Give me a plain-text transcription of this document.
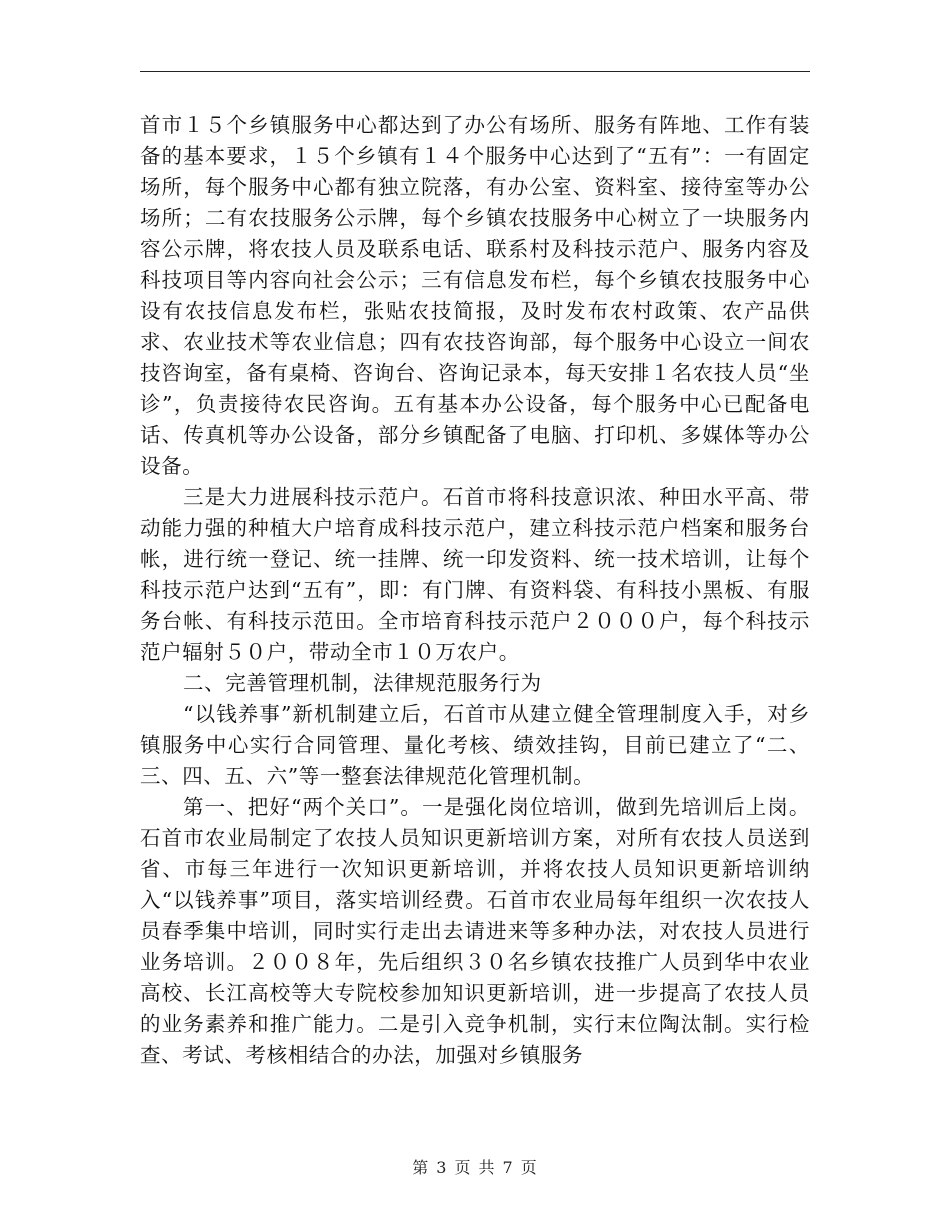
首市１５个乡镇服务中心都达到了办公有场所、服务有阵地、工作有装备的基本要求，１５个乡镇有１４个服务中心达到了“五有”：一有固定场所，每个服务中心都有独立院落，有办公室、资料室、接待室等办公场所；二有农技服务公示牌，每个乡镇农技服务中心树立了一块服务内容公示牌，将农技人员及联系电话、联系村及科技示范户、服务内容及科技项目等内容向社会公示；三有信息发布栏，每个乡镇农技服务中心设有农技信息发布栏，张贴农技简报，及时发布农村政策、农产品供求、农业技术等农业信息；四有农技咨询部，每个服务中心设立一间农技咨询室，备有桌椅、咨询台、咨询记录本，每天安排１名农技人员“坐诊”，负责接待农民咨询。五有基本办公设备，每个服务中心已配备电话、传真机等办公设备，部分乡镇配备了电脑、打印机、多媒体等办公设备。

三是大力进展科技示范户。石首市将科技意识浓、种田水平高、带动能力强的种植大户培育成科技示范户，建立科技示范户档案和服务台帐，进行统一登记、统一挂牌、统一印发资料、统一技术培训，让每个科技示范户达到“五有”，即：有门牌、有资料袋、有科技小黑板、有服务台帐、有科技示范田。全市培育科技示范户２０００户，每个科技示范户辐射５０户，带动全市１０万农户。

二、完善管理机制，法律规范服务行为

“以钱养事”新机制建立后，石首市从建立健全管理制度入手，对乡镇服务中心实行合同管理、量化考核、绩效挂钩，目前已建立了“二、三、四、五、六”等一整套法律规范化管理机制。

第一、把好“两个关口”。一是强化岗位培训，做到先培训后上岗。石首市农业局制定了农技人员知识更新培训方案，对所有农技人员送到省、市每三年进行一次知识更新培训，并将农技人员知识更新培训纳入“以钱养事”项目，落实培训经费。石首市农业局每年组织一次农技人员春季集中培训，同时实行走出去请进来等多种办法，对农技人员进行业务培训。２００８年，先后组织３０名乡镇农技推广人员到华中农业高校、长江高校等大专院校参加知识更新培训，进一步提高了农技人员的业务素养和推广能力。二是引入竞争机制，实行末位陶汰制。实行检查、考试、考核相结合的办法，加强对乡镇服务

第 3 页 共 7 页
